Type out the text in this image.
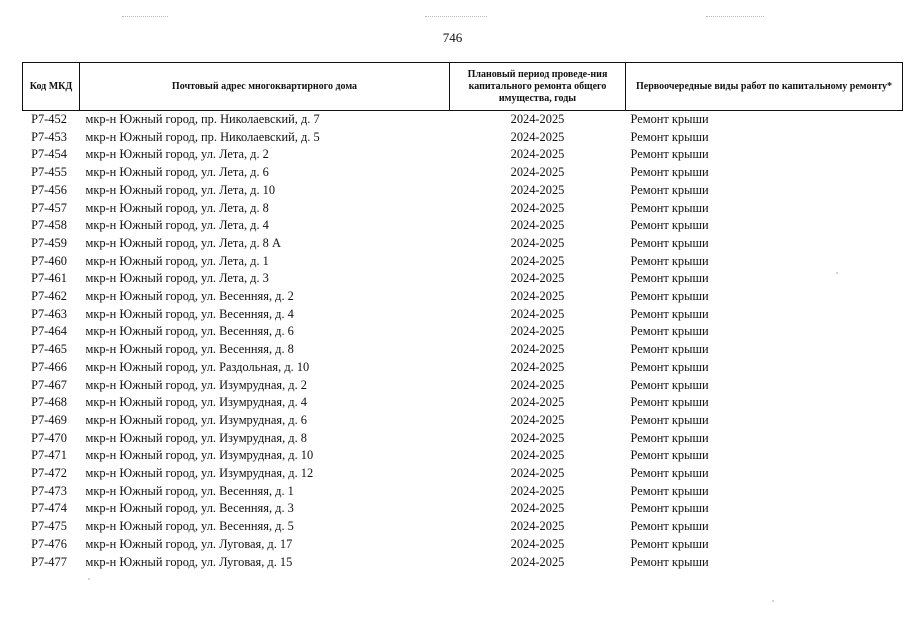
746
Код МКД	Почтовый адрес многоквартирного дома	Плановый период проведе-ния капитального ремонта общего имущества, годы	Первоочередные виды работ по капитальному ремонту*
Р7-452	мкр-н Южный город, пр. Николаевский, д. 7	2024-2025	Ремонт крыши
Р7-453	мкр-н Южный город, пр. Николаевский, д. 5	2024-2025	Ремонт крыши
Р7-454	мкр-н Южный город, ул. Лета, д. 2	2024-2025	Ремонт крыши
Р7-455	мкр-н Южный город, ул. Лета, д. 6	2024-2025	Ремонт крыши
Р7-456	мкр-н Южный город, ул. Лета, д. 10	2024-2025	Ремонт крыши
Р7-457	мкр-н Южный город, ул. Лета, д. 8	2024-2025	Ремонт крыши
Р7-458	мкр-н Южный город, ул. Лета, д. 4	2024-2025	Ремонт крыши
Р7-459	мкр-н Южный город, ул. Лета, д. 8 А	2024-2025	Ремонт крыши
Р7-460	мкр-н Южный город, ул. Лета, д. 1	2024-2025	Ремонт крыши
Р7-461	мкр-н Южный город, ул. Лета, д. 3	2024-2025	Ремонт крыши
Р7-462	мкр-н Южный город, ул. Весенняя, д. 2	2024-2025	Ремонт крыши
Р7-463	мкр-н Южный город, ул. Весенняя, д. 4	2024-2025	Ремонт крыши
Р7-464	мкр-н Южный город, ул. Весенняя, д. 6	2024-2025	Ремонт крыши
Р7-465	мкр-н Южный город, ул. Весенняя, д. 8	2024-2025	Ремонт крыши
Р7-466	мкр-н Южный город, ул. Раздольная, д. 10	2024-2025	Ремонт крыши
Р7-467	мкр-н Южный город, ул. Изумрудная, д. 2	2024-2025	Ремонт крыши
Р7-468	мкр-н Южный город, ул. Изумрудная, д. 4	2024-2025	Ремонт крыши
Р7-469	мкр-н Южный город, ул. Изумрудная, д. 6	2024-2025	Ремонт крыши
Р7-470	мкр-н Южный город, ул. Изумрудная, д. 8	2024-2025	Ремонт крыши
Р7-471	мкр-н Южный город, ул. Изумрудная, д. 10	2024-2025	Ремонт крыши
Р7-472	мкр-н Южный город, ул. Изумрудная, д. 12	2024-2025	Ремонт крыши
Р7-473	мкр-н Южный город, ул. Весенняя, д. 1	2024-2025	Ремонт крыши
Р7-474	мкр-н Южный город, ул. Весенняя, д. 3	2024-2025	Ремонт крыши
Р7-475	мкр-н Южный город, ул. Весенняя, д. 5	2024-2025	Ремонт крыши
Р7-476	мкр-н Южный город, ул. Луговая, д. 17	2024-2025	Ремонт крыши
Р7-477	мкр-н Южный город, ул. Луговая, д. 15	2024-2025	Ремонт крыши
